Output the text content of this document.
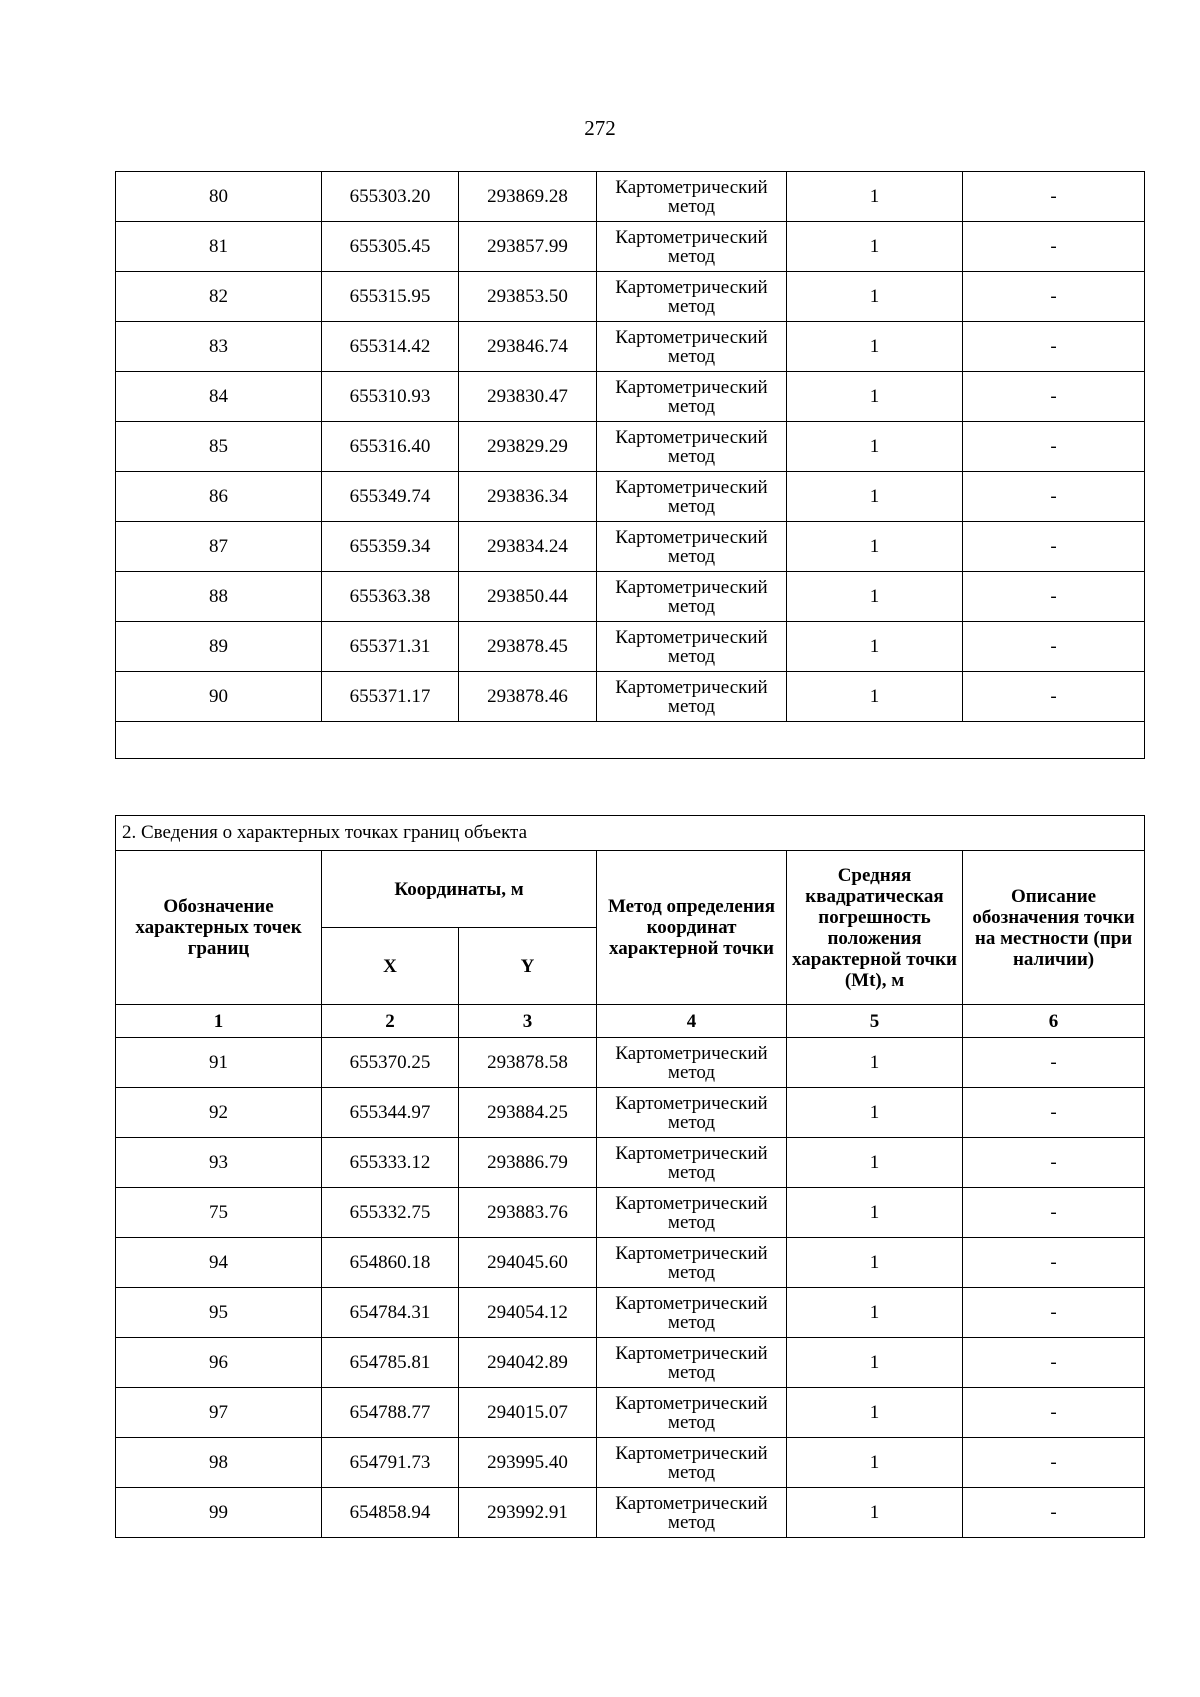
272
80	655303.20	293869.28	Картометрический метод	1	-
81	655305.45	293857.99	Картометрический метод	1	-
82	655315.95	293853.50	Картометрический метод	1	-
83	655314.42	293846.74	Картометрический метод	1	-
84	655310.93	293830.47	Картометрический метод	1	-
85	655316.40	293829.29	Картометрический метод	1	-
86	655349.74	293836.34	Картометрический метод	1	-
87	655359.34	293834.24	Картометрический метод	1	-
88	655363.38	293850.44	Картометрический метод	1	-
89	655371.31	293878.45	Картометрический метод	1	-
90	655371.17	293878.46	Картометрический метод	1	-

2. Сведения о характерных точках границ объекта					
Обозначение характерных точек границ	Координаты, м		Метод определения координат характерной точки	Средняя квадратическая погрешность положения характерной точки (Mt), м	Описание обозначения точки на местности (при наличии)
	X	Y			
1	2	3	4	5	6
91	655370.25	293878.58	Картометрический метод	1	-
92	655344.97	293884.25	Картометрический метод	1	-
93	655333.12	293886.79	Картометрический метод	1	-
75	655332.75	293883.76	Картометрический метод	1	-
94	654860.18	294045.60	Картометрический метод	1	-
95	654784.31	294054.12	Картометрический метод	1	-
96	654785.81	294042.89	Картометрический метод	1	-
97	654788.77	294015.07	Картометрический метод	1	-
98	654791.73	293995.40	Картометрический метод	1	-
99	654858.94	293992.91	Картометрический метод	1	-
